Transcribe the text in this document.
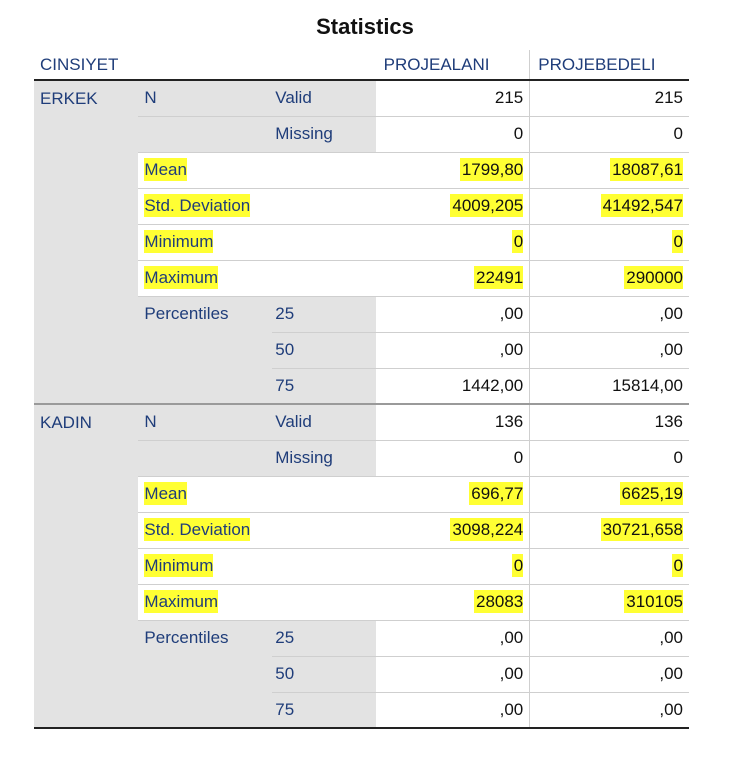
Statistics
CINSIYET			PROJEALANI	PROJEBEDELI
ERKEK	N	Valid	215	215
		Missing	0	0
	Mean		1799,80	18087,61
	Std. Deviation		4009,205	41492,547
	Minimum		0	0
	Maximum		22491	290000
	Percentiles	25	,00	,00
		50	,00	,00
		75	1442,00	15814,00
KADIN	N	Valid	136	136
		Missing	0	0
	Mean		696,77	6625,19
	Std. Deviation		3098,224	30721,658
	Minimum		0	0
	Maximum		28083	310105
	Percentiles	25	,00	,00
		50	,00	,00
		75	,00	,00
